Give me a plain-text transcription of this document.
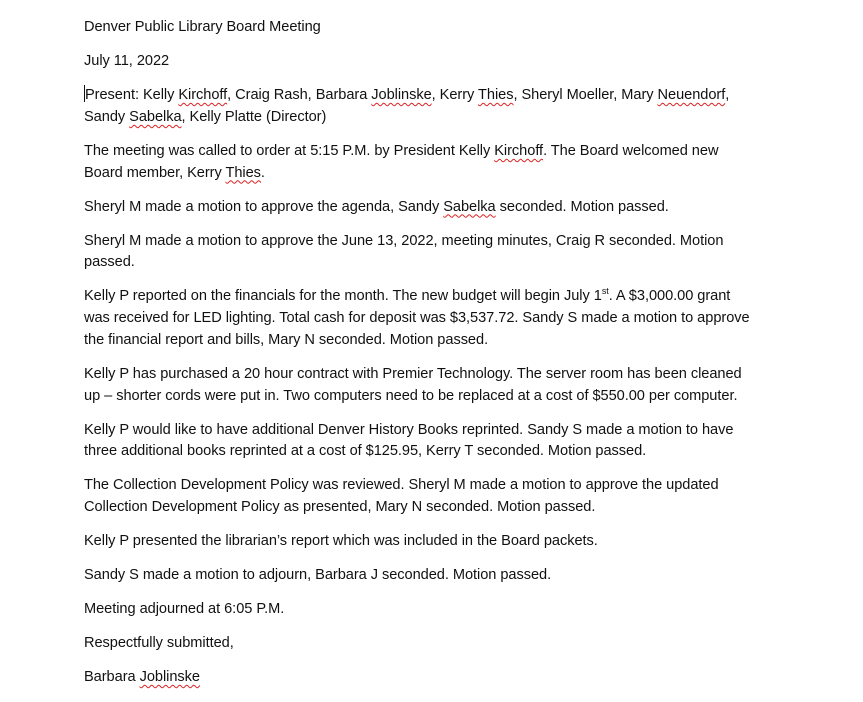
Denver Public Library Board Meeting

July 11, 2022

Present: Kelly Kirchoff, Craig Rash, Barbara Joblinske, Kerry Thies, Sheryl Moeller, Mary Neuendorf,
Sandy Sabelka, Kelly Platte (Director)

The meeting was called to order at 5:15 P.M. by President Kelly Kirchoff. The Board welcomed new
Board member, Kerry Thies.

Sheryl M made a motion to approve the agenda, Sandy Sabelka seconded. Motion passed.

Sheryl M made a motion to approve the June 13, 2022, meeting minutes, Craig R seconded. Motion
passed.

Kelly P reported on the financials for the month. The new budget will begin July 1st. A $3,000.00 grant
was received for LED lighting. Total cash for deposit was $3,537.72. Sandy S made a motion to approve
the financial report and bills, Mary N seconded. Motion passed.

Kelly P has purchased a 20 hour contract with Premier Technology. The server room has been cleaned
up – shorter cords were put in. Two computers need to be replaced at a cost of $550.00 per computer.

Kelly P would like to have additional Denver History Books reprinted. Sandy S made a motion to have
three additional books reprinted at a cost of $125.95, Kerry T seconded. Motion passed.

The Collection Development Policy was reviewed. Sheryl M made a motion to approve the updated
Collection Development Policy as presented, Mary N seconded. Motion passed.

Kelly P presented the librarian’s report which was included in the Board packets.

Sandy S made a motion to adjourn, Barbara J seconded. Motion passed.

Meeting adjourned at 6:05 P.M.

Respectfully submitted,

Barbara Joblinske
